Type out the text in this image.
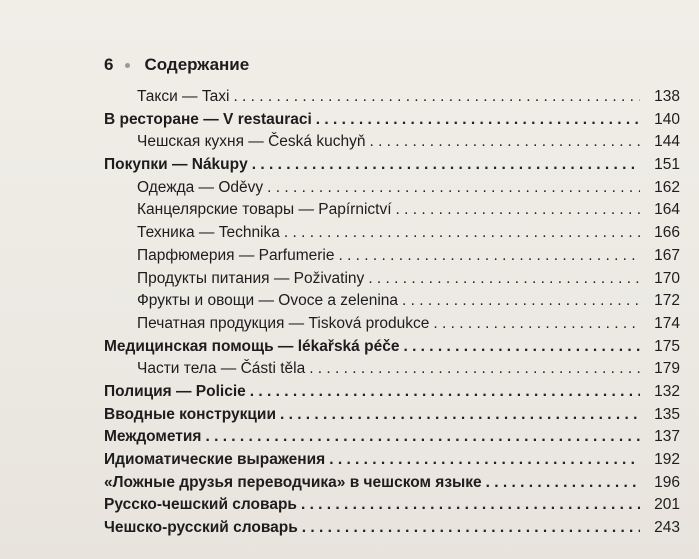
6 Содержание
Такси — Taxi . . .	138
В ресторане — V restauraci . . .	140
Чешская кухня — Česká kuchyň . . .	144
Покупки — Nákupy . . .	151
Одежда — Oděvy . . .	162
Канцелярские товары — Papírnictví . . .	164
Техника — Technika . . .	166
Парфюмерия — Parfumerie . . .	167
Продукты питания — Poživatiny . . .	170
Фрукты и овощи — Ovoce a zelenina . . .	172
Печатная продукция — Tisková produkce . . .	174
Медицинская помощь — lékařská péče . . .	175
Части тела — Části těla . . .	179
Полиция — Policie . . .	132
Вводные конструкции . . .	135
Междометия . . .	137
Идиоматические выражения . . .	192
«Ложные друзья переводчика» в чешском языке . . .	196
Русско-чешский словарь . . .	201
Чешско-русский словарь . . .	243
